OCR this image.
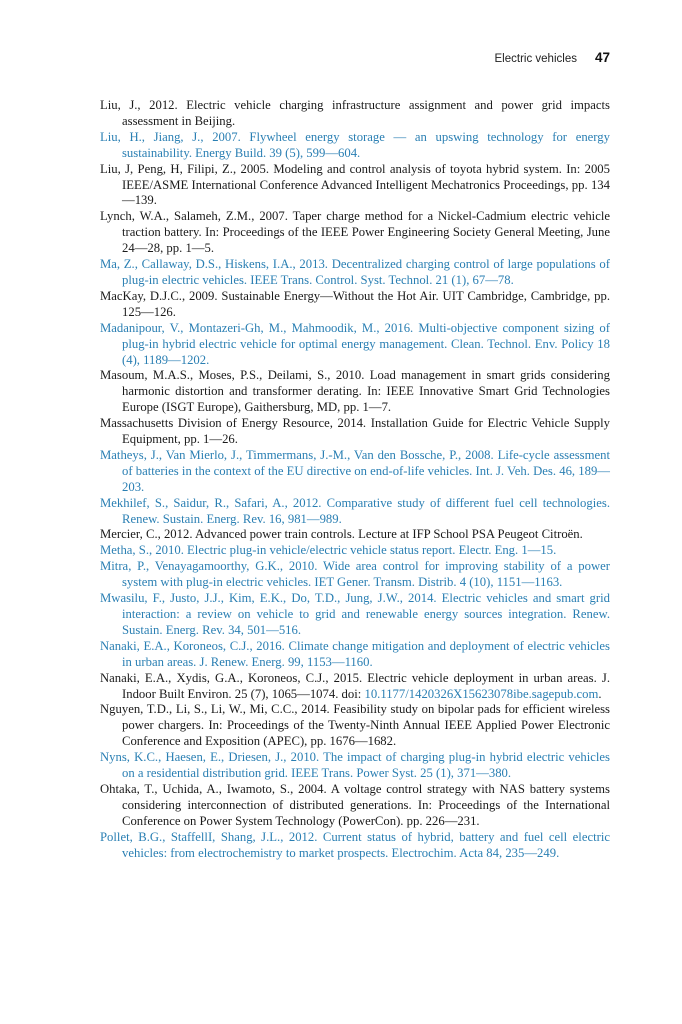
Electric vehicles 47

Liu, J., 2012. Electric vehicle charging infrastructure assignment and power grid impacts assessment in Beijing.

Liu, H., Jiang, J., 2007. Flywheel energy storage — an upswing technology for energy sustainability. Energy Build. 39 (5), 599—604.

Liu, J, Peng, H, Filipi, Z., 2005. Modeling and control analysis of toyota hybrid system. In: 2005 IEEE/ASME International Conference Advanced Intelligent Mechatronics Proceedings, pp. 134—139.

Lynch, W.A., Salameh, Z.M., 2007. Taper charge method for a Nickel-Cadmium electric vehicle traction battery. In: Proceedings of the IEEE Power Engineering Society General Meeting, June 24—28, pp. 1—5.

Ma, Z., Callaway, D.S., Hiskens, I.A., 2013. Decentralized charging control of large populations of plug-in electric vehicles. IEEE Trans. Control. Syst. Technol. 21 (1), 67—78.

MacKay, D.J.C., 2009. Sustainable Energy—Without the Hot Air. UIT Cambridge, Cambridge, pp. 125—126.

Madanipour, V., Montazeri-Gh, M., Mahmoodik, M., 2016. Multi-objective component sizing of plug-in hybrid electric vehicle for optimal energy management. Clean. Technol. Env. Policy 18 (4), 1189—1202.

Masoum, M.A.S., Moses, P.S., Deilami, S., 2010. Load management in smart grids considering harmonic distortion and transformer derating. In: IEEE Innovative Smart Grid Technologies Europe (ISGT Europe), Gaithersburg, MD, pp. 1—7.

Massachusetts Division of Energy Resource, 2014. Installation Guide for Electric Vehicle Supply Equipment, pp. 1—26.

Matheys, J., Van Mierlo, J., Timmermans, J.-M., Van den Bossche, P., 2008. Life-cycle assessment of batteries in the context of the EU directive on end-of-life vehicles. Int. J. Veh. Des. 46, 189—203.

Mekhilef, S., Saidur, R., Safari, A., 2012. Comparative study of different fuel cell technologies. Renew. Sustain. Energ. Rev. 16, 981—989.

Mercier, C., 2012. Advanced power train controls. Lecture at IFP School PSA Peugeot Citroën.

Metha, S., 2010. Electric plug-in vehicle/electric vehicle status report. Electr. Eng. 1—15.

Mitra, P., Venayagamoorthy, G.K., 2010. Wide area control for improving stability of a power system with plug-in electric vehicles. IET Gener. Transm. Distrib. 4 (10), 1151—1163.

Mwasilu, F., Justo, J.J., Kim, E.K., Do, T.D., Jung, J.W., 2014. Electric vehicles and smart grid interaction: a review on vehicle to grid and renewable energy sources integration. Renew. Sustain. Energ. Rev. 34, 501—516.

Nanaki, E.A., Koroneos, C.J., 2016. Climate change mitigation and deployment of electric vehicles in urban areas. J. Renew. Energ. 99, 1153—1160.

Nanaki, E.A., Xydis, G.A., Koroneos, C.J., 2015. Electric vehicle deployment in urban areas. J. Indoor Built Environ. 25 (7), 1065—1074. doi: 10.1177/1420326X15623078ibe.sagepub.com.

Nguyen, T.D., Li, S., Li, W., Mi, C.C., 2014. Feasibility study on bipolar pads for efficient wireless power chargers. In: Proceedings of the Twenty-Ninth Annual IEEE Applied Power Electronic Conference and Exposition (APEC), pp. 1676—1682.

Nyns, K.C., Haesen, E., Driesen, J., 2010. The impact of charging plug-in hybrid electric vehicles on a residential distribution grid. IEEE Trans. Power Syst. 25 (1), 371—380.

Ohtaka, T., Uchida, A., Iwamoto, S., 2004. A voltage control strategy with NAS battery systems considering interconnection of distributed generations. In: Proceedings of the International Conference on Power System Technology (PowerCon). pp. 226—231.

Pollet, B.G., StaffellI, Shang, J.L., 2012. Current status of hybrid, battery and fuel cell electric vehicles: from electrochemistry to market prospects. Electrochim. Acta 84, 235—249.
